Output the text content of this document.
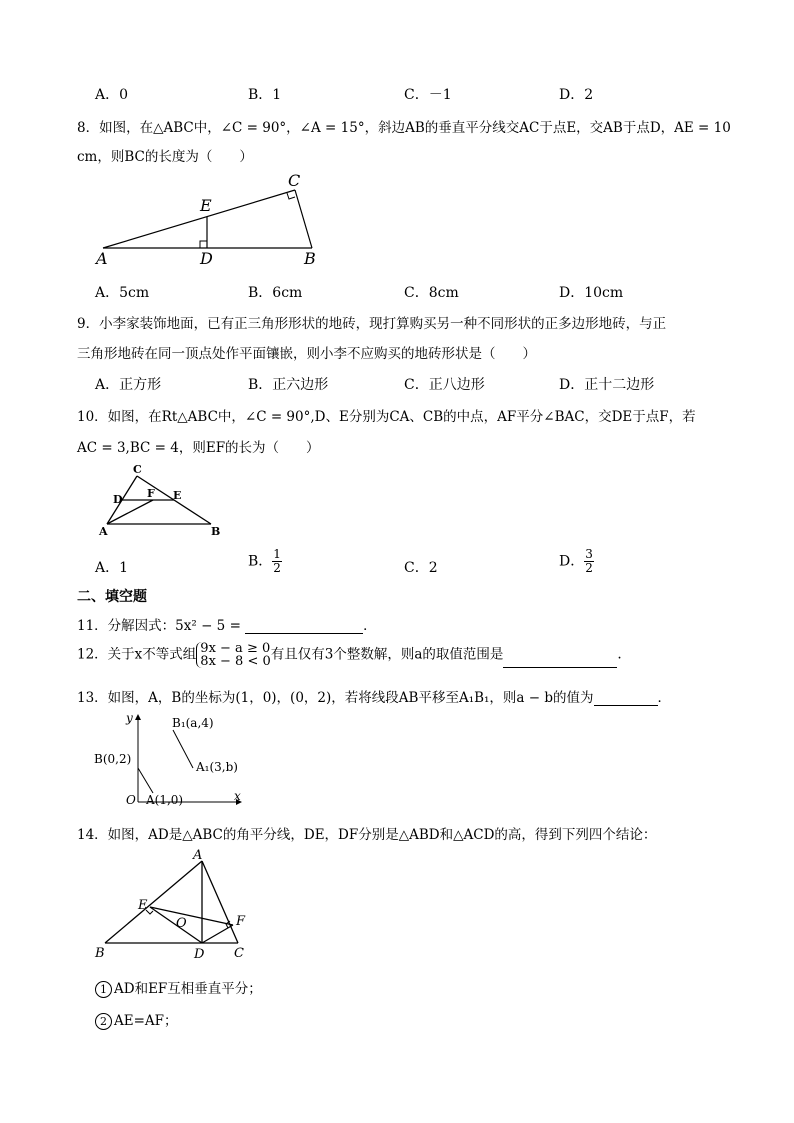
A．0	B．1	C．－1	D．2
8．如图，在△ABC中，∠C = 90°，∠A = 15°，斜边AB的垂直平分线交AC于点E，交AB于点D，AE = 10
cm，则BC的长度为（　　）
A	D	B
E
C
A．5cm	B．6cm	C．8cm	D．10cm
9．小李家装饰地面，已有正三角形形状的地砖，现打算购买另一种不同形状的正多边形地砖，与正
三角形地砖在同一顶点处作平面镶嵌，则小李不应购买的地砖形状是（　　）
A．正方形	B．正六边形	C．正八边形	D．正十二边形
10．如图，在Rt△ABC中，∠C = 90°,D、E分别为CA、CB的中点，AF平分∠BAC，交DE于点F，若
AC = 3,BC = 4，则EF的长为（　　）
C
D F E
A	B
A．1	B． $\frac{1}{2}$	C．2	D． $\frac{3}{2}$
二、填空题
11．分解因式：5x² − 5 =	．
12．关于x不等式组 9x − a ≥ 0
8x − 8 < 0 有且仅有3个整数解，则a的取值范围是	.
13．如图，A，B的坐标为(1，0)，(0，2)，若将线段AB平移至A₁B₁，则a − b的值为	．
y
x
O A(1,0)
B(0,2)
A₁(3,b)
B₁(a,4)
14．如图，AD是△ABC的角平分线，DE，DF分别是△ABD和△ACD的高，得到下列四个结论：
A
B	C
D
E
F
O
1 AD和EF互相垂直平分；
2 AE=AF；
